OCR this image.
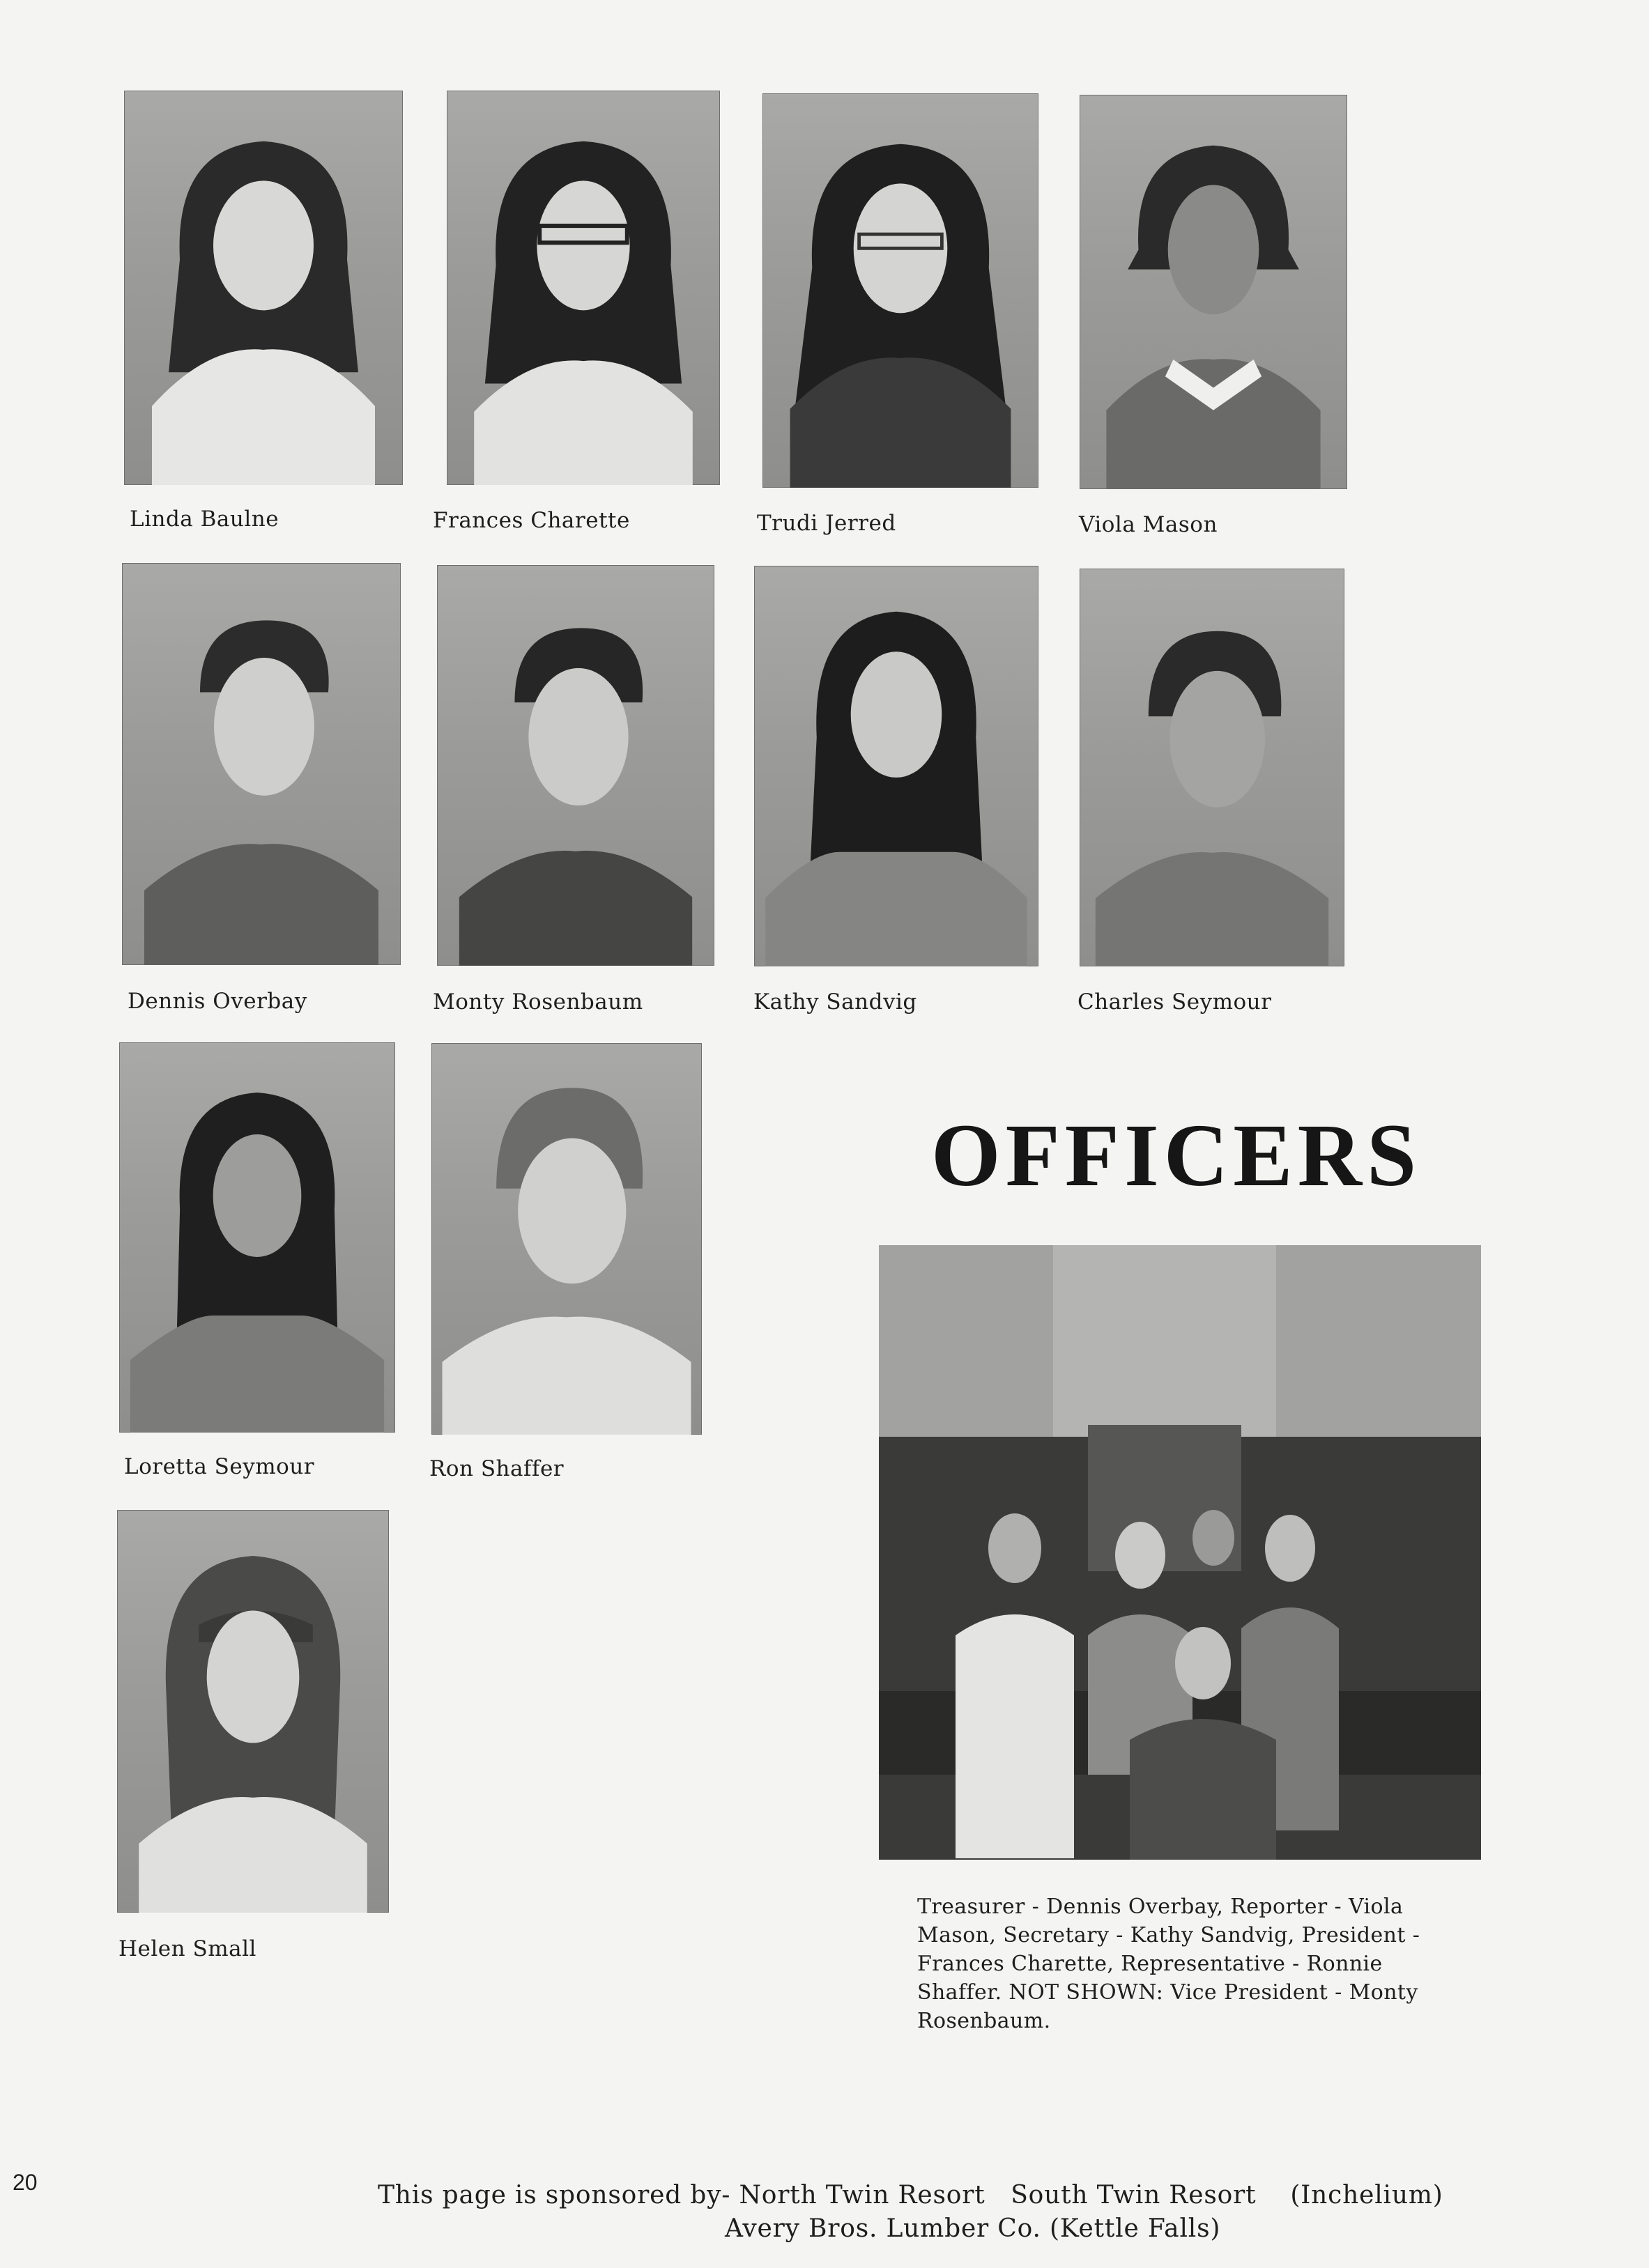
Linda Baulne	Frances Charette	Trudi Jerred	Viola Mason
Dennis Overbay	Monty Rosenbaum	Kathy Sandvig	Charles Seymour
Loretta Seymour	Ron Shaffer
Helen Small
OFFICERS
Treasurer - Dennis Overbay, Reporter - Viola
Mason, Secretary - Kathy Sandvig, President -
Frances Charette, Representative - Ronnie
Shaffer. NOT SHOWN: Vice President - Monty
Rosenbaum.
This page is sponsored by- North Twin Resort   South Twin Resort    (Inchelium)
Avery Bros. Lumber Co. (Kettle Falls)
20
